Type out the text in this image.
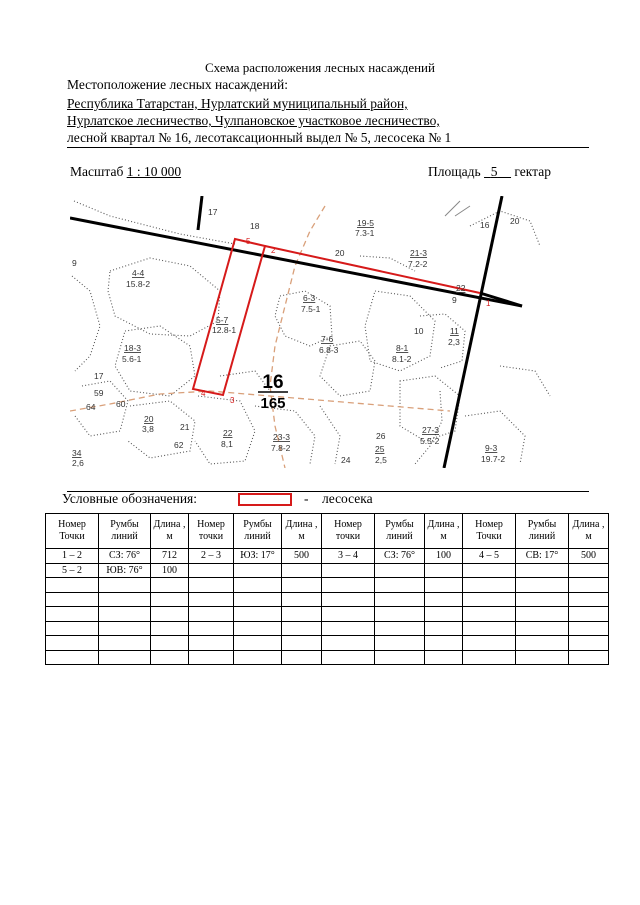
Схема расположения лесных насаждений
Местоположение лесных насаждений:
Республика Татарстан, Нурлатский муниципальный район,
Нурлатское лесничество, Чулпановское участковое лесничество,
лесной квартал № 16, лесотаксационный выдел № 5, лесосека № 1
Масштаб 1 : 10 000	Площадь 5 гектар
1
2
3
4
5
17
18	19-5
7.3-1
16 20
9
4-4
15.8-2
20	21-3
7.2-2
22
9
5-7
12.8-1
6-3
7.5-1
10	11
2,3
18-3
5.6-1
7-6
6.8-3	8-1
8.1-2
17
59
64 60
20
3,8	21
62
22
8,1
23-3
7.8-2
26
25
2,5
24
27-3
5.5-2
9-3
19.7-2
34
2,6
16
165
Условные обозначения:	-    лесосека
Номер Точки	Румбы линий	Длина , м	Номер точки	Румбы линий	Длина , м	Номер точки	Румбы линий	Длина , м	Номер Точки	Румбы линий	Длина , м
1 – 2	СЗ: 76°	712	2 – 3	ЮЗ: 17°	500	3 – 4	СЗ: 76°	100	4 – 5	СВ: 17°	500
5 – 2	ЮВ: 76°	100									
